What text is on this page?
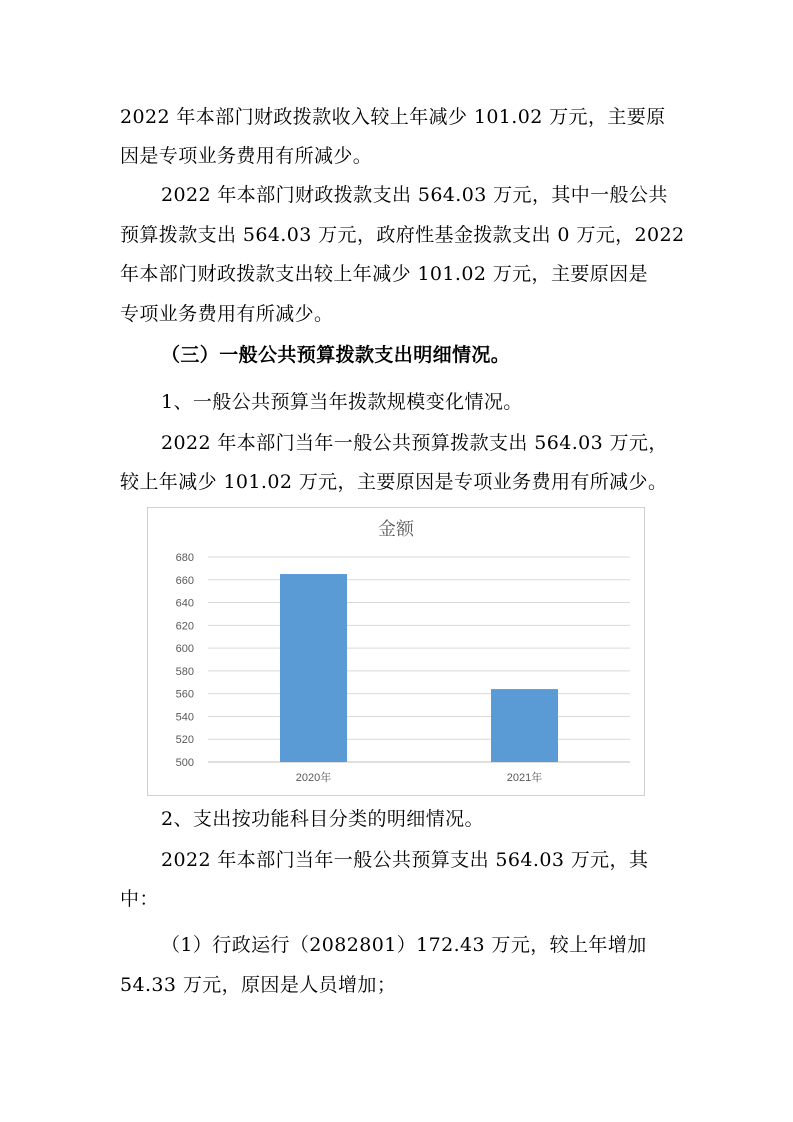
2022 年本部门财政拨款收入较上年减少 101.02 万元，主要原
因是专项业务费用有所减少。
2022 年本部门财政拨款支出 564.03 万元，其中一般公共
预算拨款支出 564.03 万元，政府性基金拨款支出 0 万元，2022
年本部门财政拨款支出较上年减少 101.02 万元，主要原因是
专项业务费用有所减少。
（三）一般公共预算拨款支出明细情况。
1、一般公共预算当年拨款规模变化情况。
2022 年本部门当年一般公共预算拨款支出 564.03 万元，
较上年减少 101.02 万元，主要原因是专项业务费用有所减少。
金额
500
520
540
560
580
600
620
640
660
680
2020年	2021年
2、支出按功能科目分类的明细情况。
2022 年本部门当年一般公共预算支出 564.03 万元，其
中：
（1）行政运行（2082801）172.43 万元，较上年增加
54.33 万元，原因是人员增加；
